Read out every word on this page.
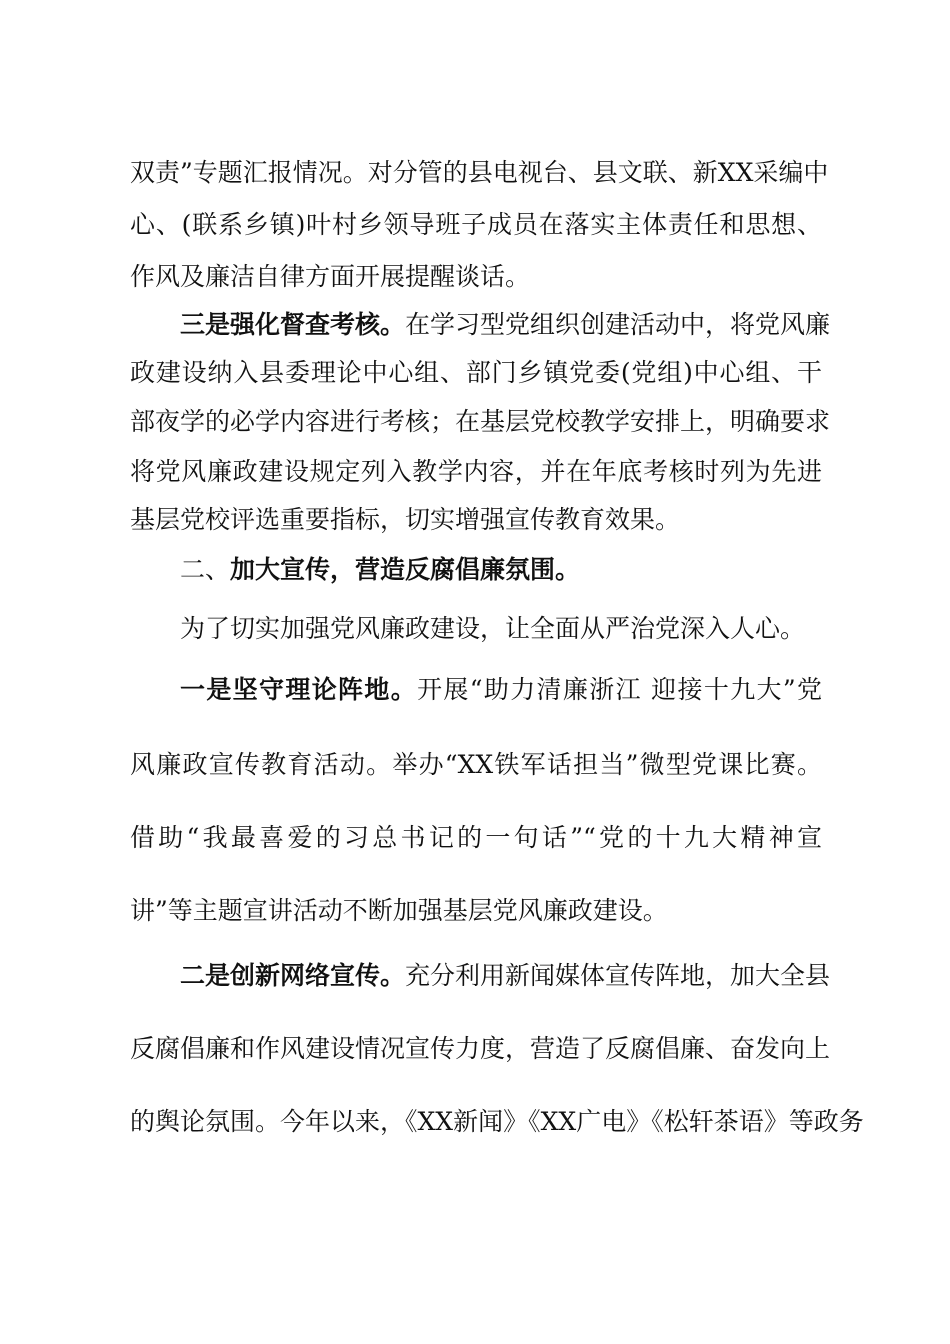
双责”专题汇报情况。对分管的县电视台、县文联、新XX采编中
心、(联系乡镇)叶村乡领导班子成员在落实主体责任和思想、
作风及廉洁自律方面开展提醒谈话。
三是强化督查考核。在学习型党组织创建活动中，将党风廉
政建设纳入县委理论中心组、部门乡镇党委(党组)中心组、干
部夜学的必学内容进行考核；在基层党校教学安排上，明确要求
将党风廉政建设规定列入教学内容，并在年底考核时列为先进
基层党校评选重要指标，切实增强宣传教育效果。
二、加大宣传，营造反腐倡廉氛围。
为了切实加强党风廉政建设，让全面从严治党深入人心。
一是坚守理论阵地。开展“助力清廉浙江 迎接十九大”党
风廉政宣传教育活动。举办“XX铁军话担当”微型党课比赛。
借助“我最喜爱的习总书记的一句话”“党的十九大精神宣
讲”等主题宣讲活动不断加强基层党风廉政建设。
二是创新网络宣传。充分利用新闻媒体宣传阵地，加大全县
反腐倡廉和作风建设情况宣传力度，营造了反腐倡廉、奋发向上
的舆论氛围。今年以来，《XX新闻》《XX广电》《松轩茶语》等政务
